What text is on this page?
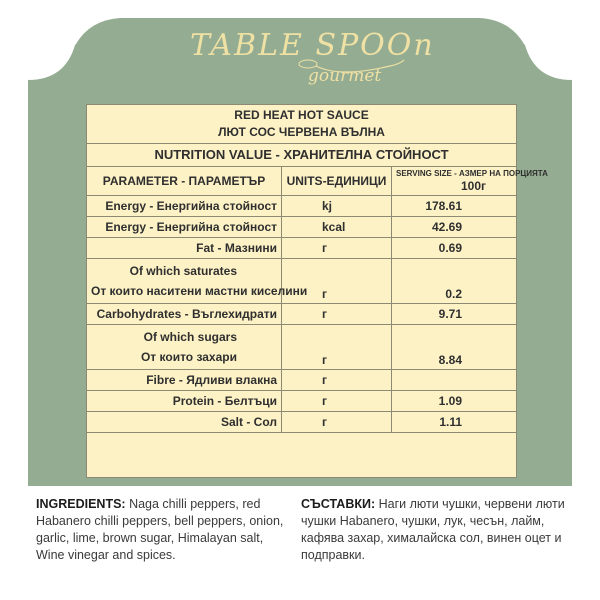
TABLE SPOOn
gourmet
RED HEAT HOT SAUCE
ЛЮТ СОС ЧЕРВЕНА ВЪЛНА		

NUTRITION VALUE - ХРАНИТЕЛНА СТОЙНОСТ		
PARAMETER - ПАРАМЕТЪР	UNITS-ЕДИНИЦИ	SERVING SIZE - АЗМЕР НА ПОРЦИЯТА
100г

Energy - Енергийна стойност	kj	178.61
Energy - Енергийна стойност	kcal	42.69
Fat - Мазнини	г	0.69

Of which saturates
От които наситени мастни киселини	г	0.2
Carbohydrates - Въглехидрати	г	9.71

Of which sugars
От които захари	г	8.84
Fibre - Ядливи влакна	г	
Protein - Белтъци	г	1.09
Salt - Сол	г	1.11

INGREDIENTS: Naga chilli peppers, red Habanero chilli peppers, bell peppers, onion, garlic, lime, brown sugar, Himalayan salt, Wine vinegar and spices.
СЪСТАВКИ: Наги люти чушки, червени люти чушки Habanero, чушки, лук, чесън, лайм, кафява захар, хималайска сол, винен оцет и подправки.
